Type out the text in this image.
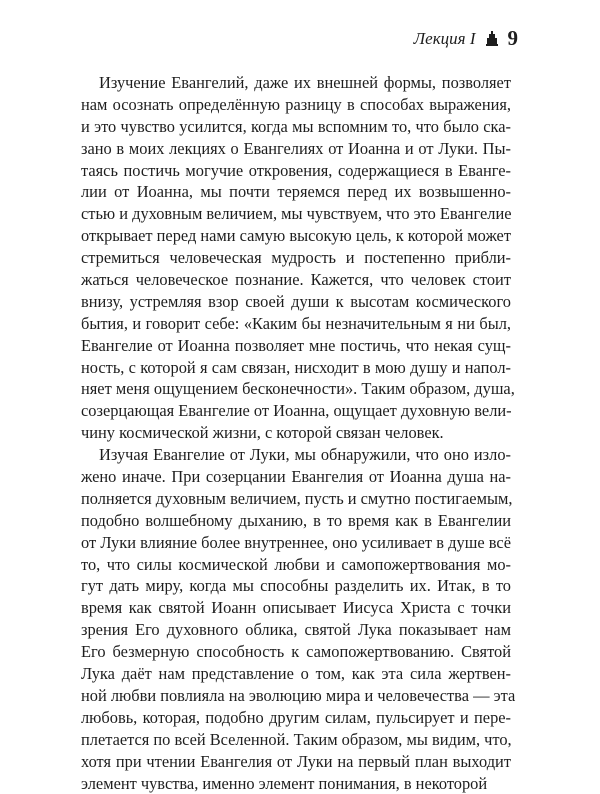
Лекция I 9
Изучение Евангелий, даже их внешней формы, позволяет
нам осознать определённую разницу в способах выражения,
и это чувство усилится, когда мы вспомним то, что было ска-
зано в моих лекциях о Евангелиях от Иоанна и от Луки. Пы-
таясь постичь могучие откровения, содержащиеся в Еванге-
лии от Иоанна, мы почти теряемся перед их возвышенно-
стью и духовным величием, мы чувствуем, что это Евангелие
открывает перед нами самую высокую цель, к которой может
стремиться человеческая мудрость и постепенно прибли-
жаться человеческое познание. Кажется, что человек стоит
внизу, устремляя взор своей души к высотам космического
бытия, и говорит себе: «Каким бы незначительным я ни был,
Евангелие от Иоанна позволяет мне постичь, что некая сущ-
ность, с которой я сам связан, нисходит в мою душу и напол-
няет меня ощущением бесконечности». Таким образом, душа,
созерцающая Евангелие от Иоанна, ощущает духовную вели-
чину космической жизни, с которой связан человек.
Изучая Евангелие от Луки, мы обнаружили, что оно изло-
жено иначе. При созерцании Евангелия от Иоанна душа на-
полняется духовным величием, пусть и смутно постигаемым,
подобно волшебному дыханию, в то время как в Евангелии
от Луки влияние более внутреннее, оно усиливает в душе всё
то, что силы космической любви и самопожертвования мо-
гут дать миру, когда мы способны разделить их. Итак, в то
время как святой Иоанн описывает Иисуса Христа с точки
зрения Его духовного облика, святой Лука показывает нам
Его безмерную способность к самопожертвованию. Святой
Лука даёт нам представление о том, как эта сила жертвен-
ной любви повлияла на эволюцию мира и человечества — эта
любовь, которая, подобно другим силам, пульсирует и пере-
плетается по всей Вселенной. Таким образом, мы видим, что,
хотя при чтении Евангелия от Луки на первый план выходит
элемент чувства, именно элемент понимания, в некоторой
